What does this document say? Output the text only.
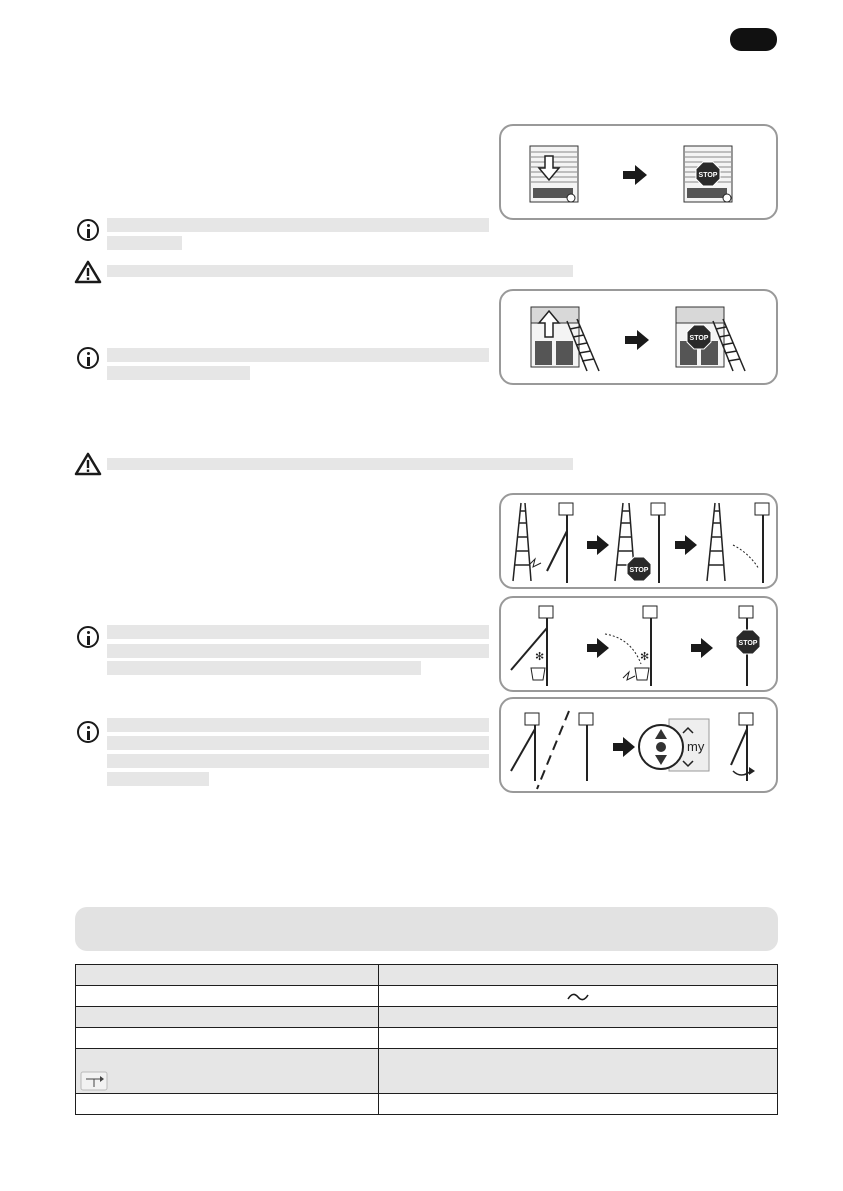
STOP
STOP
STOP
✻	✻
STOP
my
